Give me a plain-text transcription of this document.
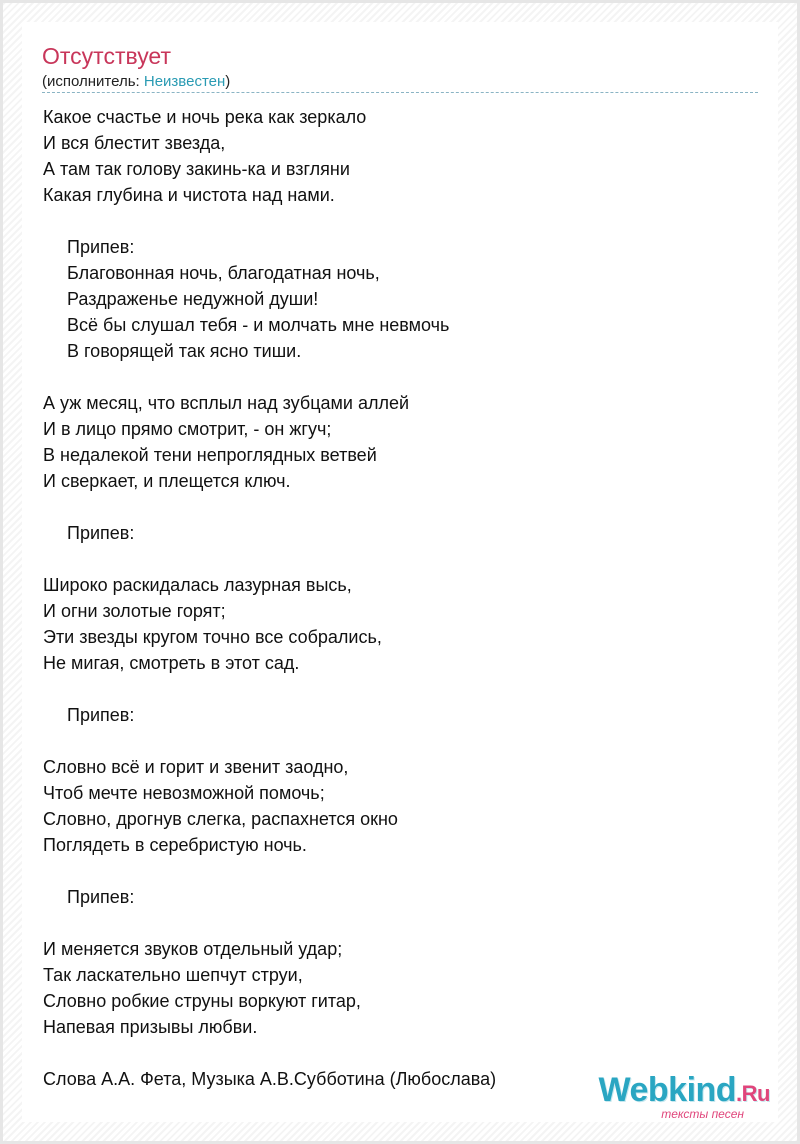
Отсутствует
(исполнитель: Неизвестен)
Какое счастье и ночь река как зеркало
И вся блестит звезда,
А там так голову закинь-ка и взгляни
Какая глубина и чистота над нами.
Припев:
Благовонная ночь, благодатная ночь,
Раздраженье недужной души!
Всё бы слушал тебя - и молчать мне невмочь
В говорящей так ясно тиши.
А уж месяц, что всплыл над зубцами аллей
И в лицо прямо смотрит, - он жгуч;
В недалекой тени непроглядных ветвей
И сверкает, и плещется ключ.
Припев:
Широко раскидалась лазурная высь,
И огни золотые горят;
Эти звезды кругом точно все собрались,
Не мигая, смотреть в этот сад.
Припев:
Словно всё и горит и звенит заодно,
Чтоб мечте невозможной помочь;
Словно, дрогнув слегка, распахнется окно
Поглядеть в серебристую ночь.
Припев:
И меняется звуков отдельный удар;
Так ласкательно шепчут струи,
Словно робкие струны воркуют гитар,
Напевая призывы любви.
Слова А.А. Фета, Музыка А.В.Субботина (Любослава)	Webkind.Ru
тексты песен
